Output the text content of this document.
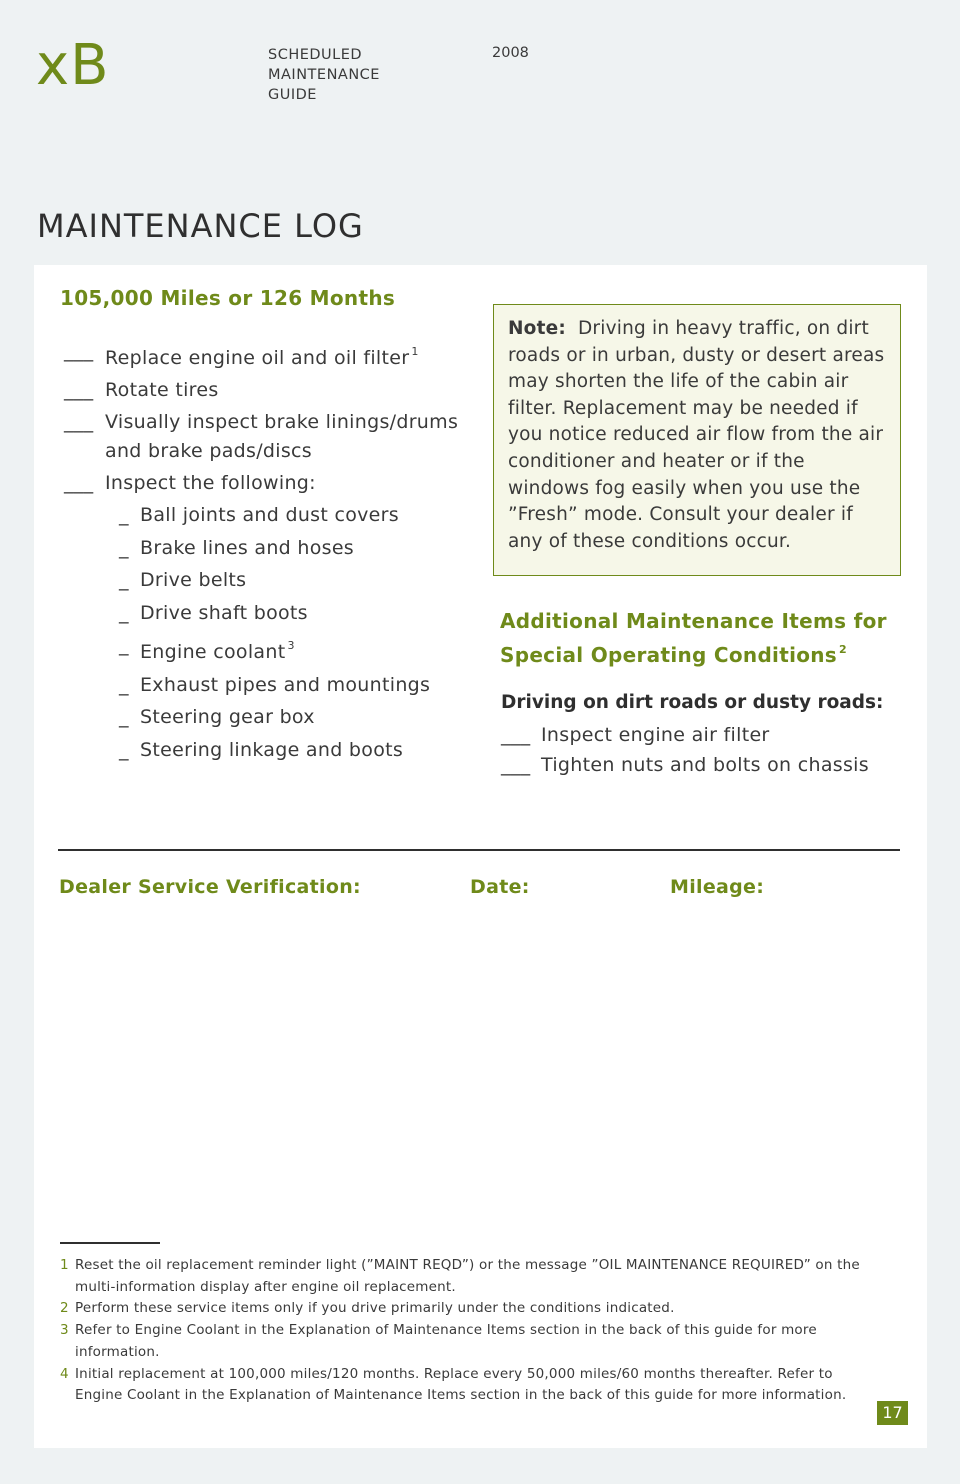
xB	SCHEDULED
MAINTENANCE
GUIDE
2008
MAINTENANCE LOG
105,000 Miles or 126 Months
___ Replace engine oil and oil filter $^1$
___ Rotate tires
___ Visually inspect brake linings/drums and brake pads/discs
___ Inspect the following:
_ Ball joints and dust covers
_ Brake lines and hoses
_ Drive belts
_ Drive shaft boots
_ Engine coolant $^3$
_ Exhaust pipes and mountings
_ Steering gear box
_ Steering linkage and boots
Note: Driving in heavy traffic, on dirt roads or in urban, dusty or desert areas may shorten the life of the cabin air filter. Replacement may be needed if you notice reduced air flow from the air conditioner and heater or if the windows fog easily when you use the ”Fresh” mode. Consult your dealer if any of these conditions occur.
Additional Maintenance Items for Special Operating Conditions $^2$
Driving on dirt roads or dusty roads:
___ Inspect engine air filter
___ Tighten nuts and bolts on chassis
Dealer Service Verification:	Date:	Mileage:
1 Reset the oil replacement reminder light (”MAINT REQD”) or the message ”OIL MAINTENANCE REQUIRED” on the multi-information display after engine oil replacement.
2 Perform these service items only if you drive primarily under the conditions indicated.
3 Refer to Engine Coolant in the Explanation of Maintenance Items section in the back of this guide for more information.
4 Initial replacement at 100,000 miles/120 months. Replace every 50,000 miles/60 months thereafter. Refer to Engine Coolant in the Explanation of Maintenance Items section in the back of this guide for more information.
17
